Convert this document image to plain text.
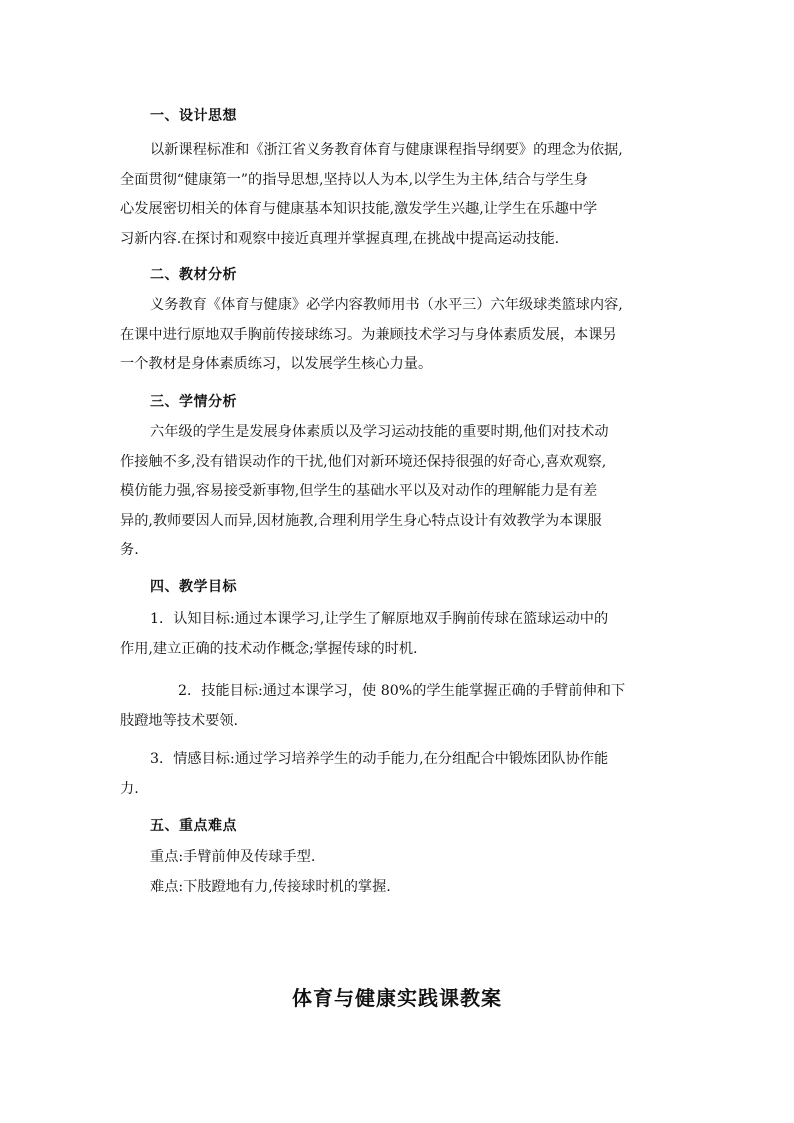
一、设计思想
以新课程标准和《浙江省义务教育体育与健康课程指导纲要》的理念为依据,
全面贯彻“健康第一”的指导思想,坚持以人为本,以学生为主体,结合与学生身
心发展密切相关的体育与健康基本知识技能,激发学生兴趣,让学生在乐趣中学
习新内容.在探讨和观察中接近真理并掌握真理,在挑战中提高运动技能.
二、教材分析
义务教育《体育与健康》必学内容教师用书（水平三）六年级球类篮球内容,
在课中进行原地双手胸前传接球练习。为兼顾技术学习与身体素质发展，本课另
一个教材是身体素质练习，以发展学生核心力量。
三、学情分析
六年级的学生是发展身体素质以及学习运动技能的重要时期,他们对技术动
作接触不多,没有错误动作的干扰,他们对新环境还保持很强的好奇心,喜欢观察,
模仿能力强,容易接受新事物,但学生的基础水平以及对动作的理解能力是有差
异的,教师要因人而异,因材施教,合理利用学生身心特点设计有效教学为本课服
务.
四、教学目标
1．认知目标:通过本课学习,让学生了解原地双手胸前传球在篮球运动中的
作用,建立正确的技术动作概念;掌握传球的时机.
2．技能目标:通过本课学习，使 80%的学生能掌握正确的手臂前伸和下
肢蹬地等技术要领.
3．情感目标:通过学习培养学生的动手能力,在分组配合中锻炼团队协作能
力.
五、重点难点
重点:手臂前伸及传球手型.
难点:下肢蹬地有力,传接球时机的掌握.
体育与健康实践课教案
